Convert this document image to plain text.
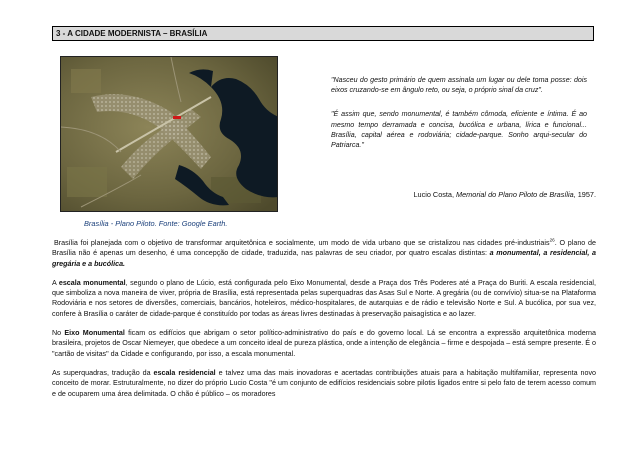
3 - A CIDADE MODERNISTA – BRASÍLIA
Brasília - Plano Piloto. Fonte: Google Earth.

"Nasceu do gesto primário de quem assinala um lugar ou dele toma posse: dois eixos cruzando-se em ângulo reto, ou seja, o próprio sinal da cruz".

"É assim que, sendo monumental, é também cômoda, eficiente e íntima. É ao mesmo tempo derramada e concisa, bucólica e urbana, lírica e funcional... Brasília, capital aérea e rodoviária; cidade-parque. Sonho arqui-secular do Patriarca."

Lucio Costa, Memorial do Plano Piloto de Brasília, 1957.

Brasília foi planejada com o objetivo de transformar arquitetônica e socialmente, um modo de vida urbano que se cristalizou nas cidades pré-industriais$^{26}$. O plano de Brasília não é apenas um desenho, é uma concepção de cidade, traduzida, nas palavras de seu criador, por quatro escalas distintas: a monumental, a residencial, a gregária e a bucólica.

A escala monumental, segundo o plano de Lúcio, está configurada pelo Eixo Monumental, desde a Praça dos Três Poderes até a Praça do Buriti. A escala residencial, que simboliza a nova maneira de viver, própria de Brasília, está representada pelas superquadras das Asas Sul e Norte. A gregária (ou de convívio) situa-se na Plataforma Rodoviária e nos setores de diversões, comerciais, bancários, hoteleiros, médico-hospitalares, de autarquias e de rádio e televisão Norte e Sul. A bucólica, por sua vez, confere à Brasília o caráter de cidade-parque é constituído por todas as áreas livres destinadas à preservação paisagística e ao lazer.

No Eixo Monumental ficam os edifícios que abrigam o setor político-administrativo do país e do governo local. Lá se encontra a expressão arquitetônica moderna brasileira, projetos de Oscar Niemeyer, que obedece a um conceito ideal de pureza plástica, onde a intenção de elegância – firme e despojada – está sempre presente. É o "cartão de visitas" da Cidade e configurando, por isso, a escala monumental.

As superquadras, tradução da escala residencial e talvez uma das mais inovadoras e acertadas contribuições atuais para a habitação multifamiliar, representa novo conceito de morar. Estruturalmente, no dizer do próprio Lucio Costa "é um conjunto de edifícios residenciais sobre pilotis ligados entre si pelo fato de terem acesso comum e de ocuparem uma área delimitada. O chão é público – os moradores
